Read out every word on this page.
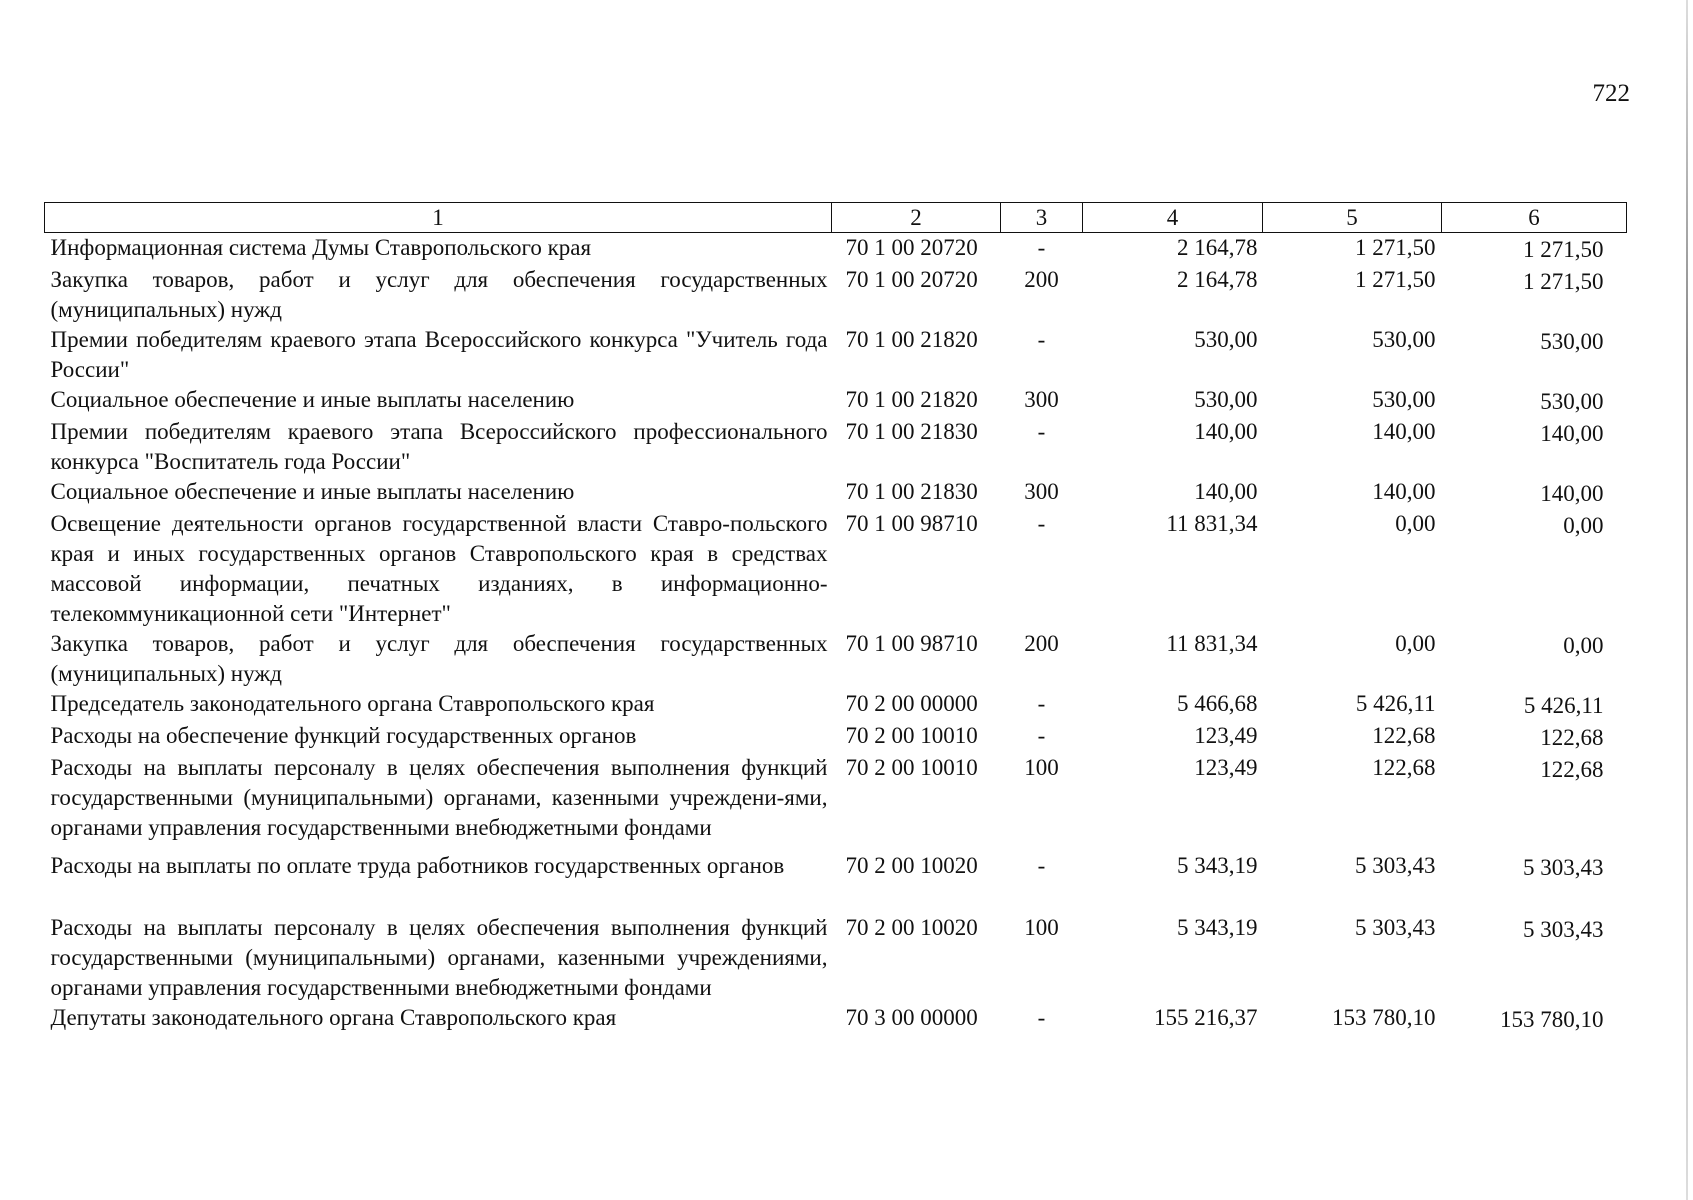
722
1	2	3	4	5	6
Информационная система Думы Ставропольского края	70 1 00 20720	-	2 164,78	1 271,50	1 271,50
Закупка товаров, работ и услуг для обеспечения государственных (муниципальных) нужд	70 1 00 20720	200	2 164,78	1 271,50	1 271,50
Премии победителям краевого этапа Всероссийского конкурса "Учитель года России"	70 1 00 21820	-	530,00	530,00	530,00
Социальное обеспечение и иные выплаты населению	70 1 00 21820	300	530,00	530,00	530,00
Премии победителям краевого этапа Всероссийского профессионального конкурса "Воспитатель года России"	70 1 00 21830	-	140,00	140,00	140,00
Социальное обеспечение и иные выплаты населению	70 1 00 21830	300	140,00	140,00	140,00
Освещение деятельности органов государственной власти Ставро-польского края и иных государственных органов Ставропольского края в средствах массовой информации, печатных изданиях, в информационно-телекоммуникационной сети "Интернет"	70 1 00 98710	-	11 831,34	0,00	0,00
Закупка товаров, работ и услуг для обеспечения государственных (муниципальных) нужд	70 1 00 98710	200	11 831,34	0,00	0,00
Председатель законодательного органа Ставропольского края	70 2 00 00000	-	5 466,68	5 426,11	5 426,11
Расходы на обеспечение функций государственных органов	70 2 00 10010	-	123,49	122,68	122,68
Расходы на выплаты персоналу в целях обеспечения выполнения функций государственными (муниципальными) органами, казенными учреждени-ями, органами управления государственными внебюджетными фондами	70 2 00 10010	100	123,49	122,68	122,68
Расходы на выплаты по оплате труда работников государственных органов	70 2 00 10020	-	5 343,19	5 303,43	5 303,43
Расходы на выплаты персоналу в целях обеспечения выполнения функций государственными (муниципальными) органами, казенными учреждениями, органами управления государственными внебюджетными фондами	70 2 00 10020	100	5 343,19	5 303,43	5 303,43
Депутаты законодательного органа Ставропольского края	70 3 00 00000	-	155 216,37	153 780,10	153 780,10
